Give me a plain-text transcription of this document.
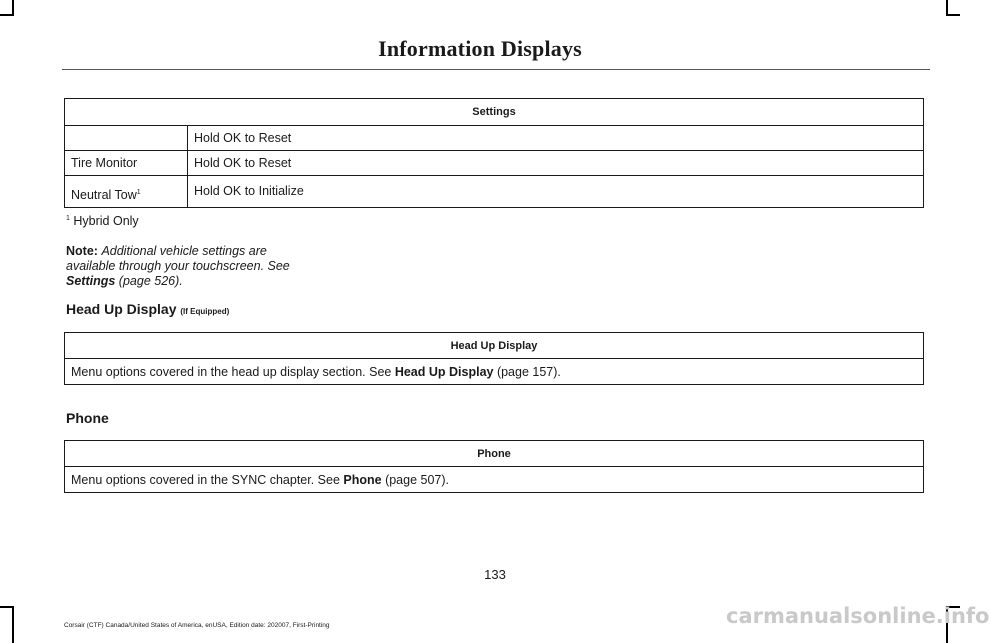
Information Displays
Settings	
	Hold OK to Reset
Tire Monitor	Hold OK to Reset
Neutral Tow$^1$	Hold OK to Initialize
$^1$ Hybrid Only
Note: Additional vehicle settings are
available through your touchscreen. See
Settings (page 526).
Head Up Display (If Equipped)
Head Up Display
Menu options covered in the head up display section. See Head Up Display (page 157).
Phone
Phone
Menu options covered in the SYNC chapter. See Phone (page 507).
133
Corsair (CTF) Canada/United States of America, enUSA, Edition date: 202007, First-Printing	carmanualsonline.info
